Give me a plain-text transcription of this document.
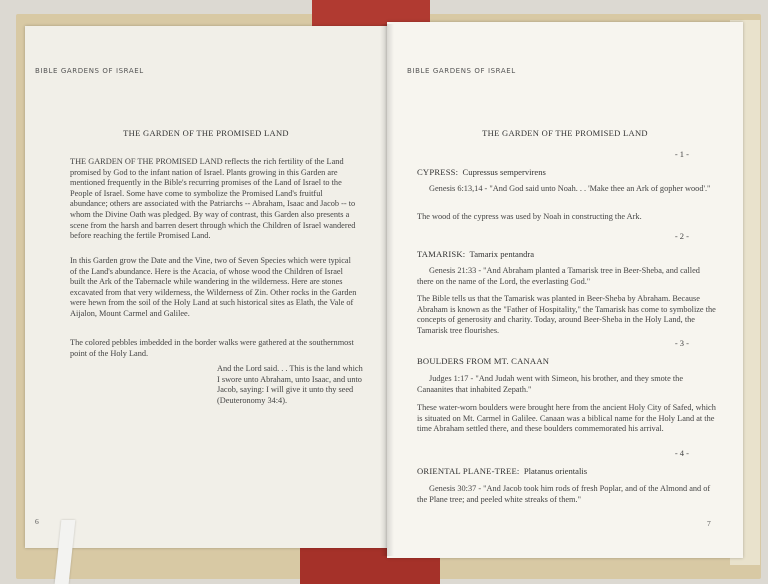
BIBLE GARDENS OF ISRAEL
THE GARDEN OF THE PROMISED LAND

THE GARDEN OF THE PROMISED LAND reflects the rich fertility of the Land promised by God to the infant nation of Israel. Plants growing in this Garden are mentioned frequently in the Bible's recurring promises of the Land of Israel to the People of Israel. Some have come to symbolize the Promised Land's fruitful abundance; others are associated with the Patriarchs -- Abraham, Isaac and Jacob -- to whom the Divine Oath was pledged. By way of contrast, this Garden also presents a scene from the harsh and barren desert through which the Children of Israel wandered before reaching the fertile Promised Land.

In this Garden grow the Date and the Vine, two of Seven Species which were typical of the Land's abundance. Here is the Acacia, of whose wood the Children of Israel built the Ark of the Tabernacle while wandering in the wilderness. Here are stones excavated from that very wilderness, the Wilderness of Zin. Other rocks in the Garden were hewn from the soil of the Holy Land at such historical sites as Elath, the Vale of Aijalon, Mount Carmel and Galilee.

The colored pebbles imbedded in the border walks were gathered at the southernmost point of the Holy Land.

And the Lord said. . . This is the land which I swore unto Abraham, unto Isaac, and unto Jacob, saying: I will give it unto thy seed (Deuteronomy 34:4).

6
BIBLE GARDENS OF ISRAEL
THE GARDEN OF THE PROMISED LAND
- 1 -

CYPRESS: Cupressus sempervirens

Genesis 6:13,14 - "And God said unto Noah. . . 'Make thee an Ark of gopher wood'."

The wood of the cypress was used by Noah in constructing the Ark.

- 2 -

TAMARISK: Tamarix pentandra

Genesis 21:33 - "And Abraham planted a Tamarisk tree in Beer-Sheba, and called there on the name of the Lord, the everlasting God."

The Bible tells us that the Tamarisk was planted in Beer-Sheba by Abraham. Because Abraham is known as the "Father of Hospitality," the Tamarisk has come to symbolize the concepts of generosity and charity. Today, around Beer-Sheba in the Holy Land, the Tamarisk tree flourishes.

- 3 -

BOULDERS FROM MT. CANAAN

Judges 1:17 - "And Judah went with Simeon, his brother, and they smote the Canaanites that inhabited Zepath."

These water-worn boulders were brought here from the ancient Holy City of Safed, which is situated on Mt. Carmel in Galilee. Canaan was a biblical name for the Holy Land at the time Abraham settled there, and these boulders commemorated his arrival.

- 4 -

ORIENTAL PLANE-TREE: Platanus orientalis

Genesis 30:37 - "And Jacob took him rods of fresh Poplar, and of the Almond and of the Plane tree; and peeled white streaks of them."

7
